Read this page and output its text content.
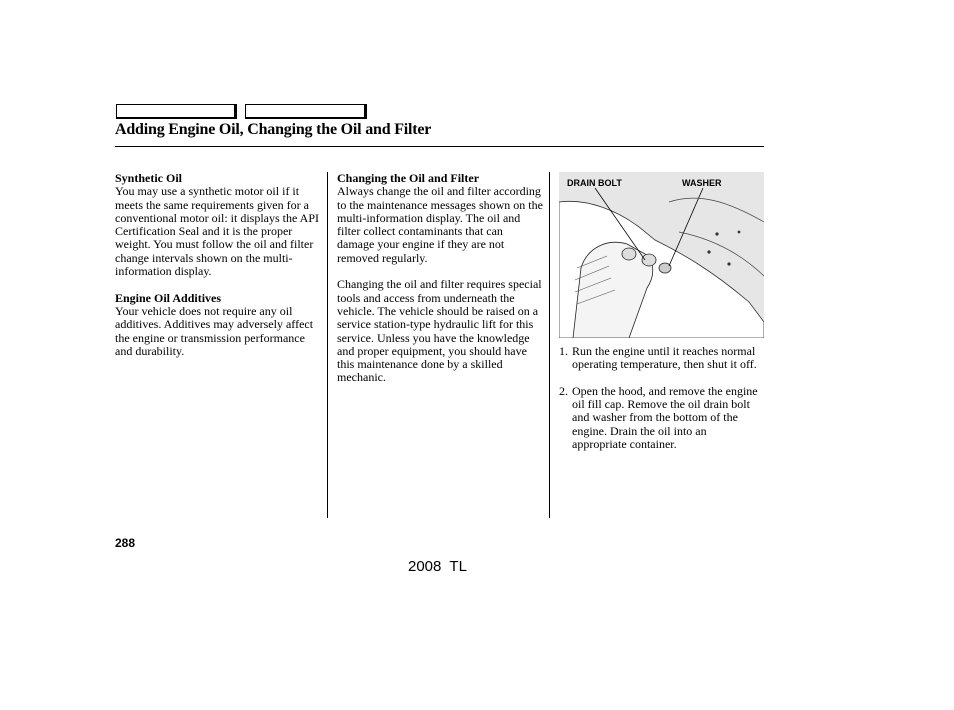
Adding Engine Oil, Changing the Oil and Filter
Synthetic Oil

You may use a synthetic motor oil if it meets the same requirements given for a conventional motor oil: it displays the API Certification Seal and it is the proper weight. You must follow the oil and filter change intervals shown on the multi-information display.

Engine Oil Additives

Your vehicle does not require any oil additives. Additives may adversely affect the engine or transmission performance and durability.

Changing the Oil and Filter

Always change the oil and filter according to the maintenance messages shown on the multi-information display. The oil and filter collect contaminants that can damage your engine if they are not removed regularly.

Changing the oil and filter requires special tools and access from underneath the vehicle. The vehicle should be raised on a service station-type hydraulic lift for this service. Unless you have the knowledge and proper equipment, you should have this maintenance done by a skilled mechanic.

DRAIN BOLT	WASHER
1. Run the engine until it reaches normal operating temperature, then shut it off.
2. Open the hood, and remove the engine oil fill cap. Remove the oil drain bolt and washer from the bottom of the engine. Drain the oil into an appropriate container.
288
2008  TL
